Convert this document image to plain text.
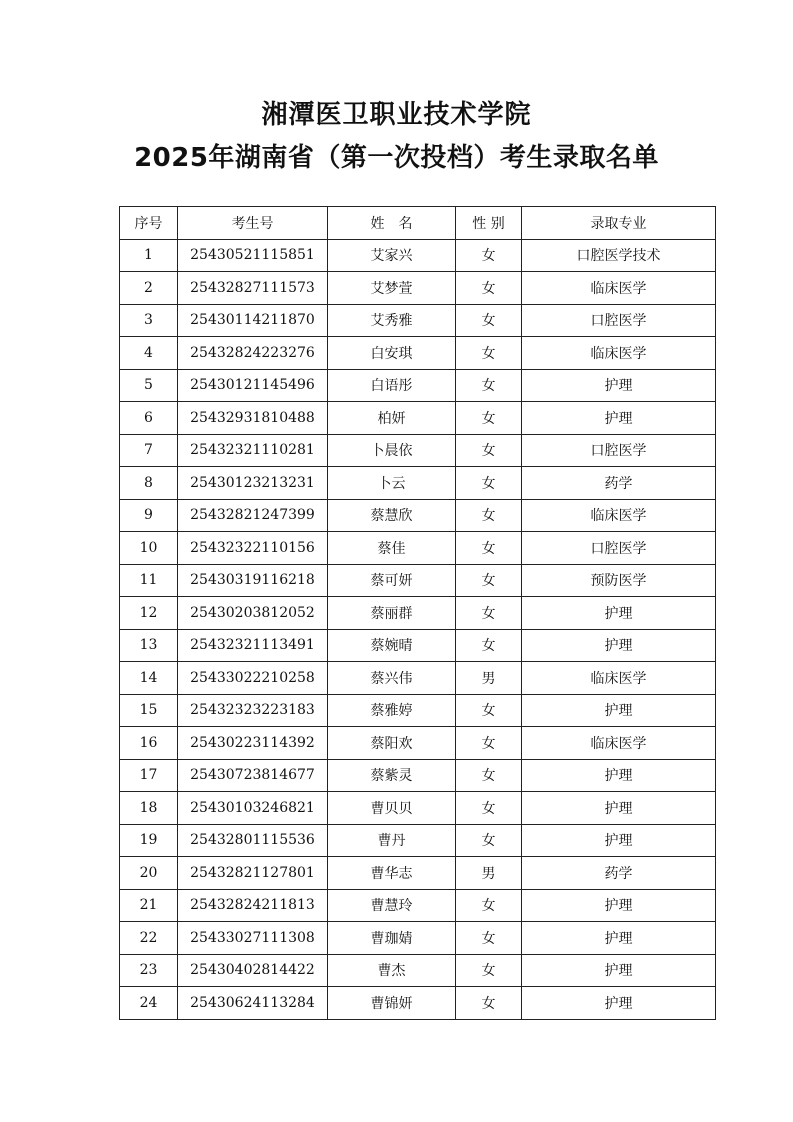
湘潭医卫职业技术学院
2025年湖南省（第一次投档）考生录取名单
序号	考生号	姓　名	性 别	录取专业
1	25430521115851	艾家兴	女	口腔医学技术
2	25432827111573	艾梦萱	女	临床医学
3	25430114211870	艾秀雅	女	口腔医学
4	25432824223276	白安琪	女	临床医学
5	25430121145496	白语彤	女	护理
6	25432931810488	柏妍	女	护理
7	25432321110281	卜晨依	女	口腔医学
8	25430123213231	卜云	女	药学
9	25432821247399	蔡慧欣	女	临床医学
10	25432322110156	蔡佳	女	口腔医学
11	25430319116218	蔡可妍	女	预防医学
12	25430203812052	蔡丽群	女	护理
13	25432321113491	蔡婉晴	女	护理
14	25433022210258	蔡兴伟	男	临床医学
15	25432323223183	蔡雅婷	女	护理
16	25430223114392	蔡阳欢	女	临床医学
17	25430723814677	蔡紫灵	女	护理
18	25430103246821	曹贝贝	女	护理
19	25432801115536	曹丹	女	护理
20	25432821127801	曹华志	男	药学
21	25432824211813	曹慧玲	女	护理
22	25433027111308	曹珈婧	女	护理
23	25430402814422	曹杰	女	护理
24	25430624113284	曹锦妍	女	护理
